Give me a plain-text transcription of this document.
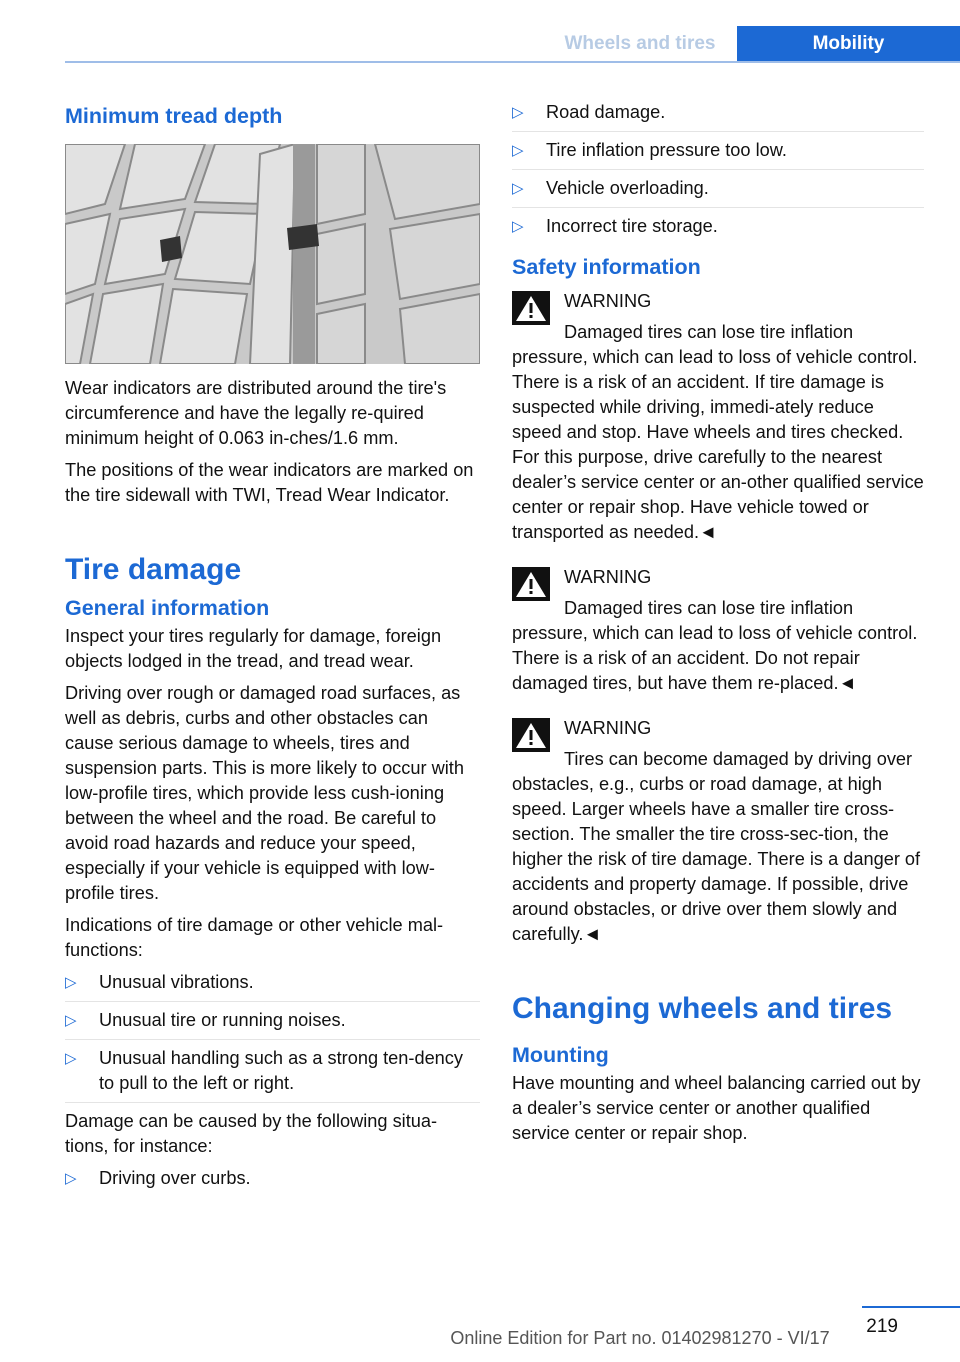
Wheels and tires	Mobility
Minimum tread depth

Wear indicators are distributed around the tire's circumference and have the legally re‐quired minimum height of 0.063 in‐ches/1.6 mm.

The positions of the wear indicators are marked on the tire sidewall with TWI, Tread Wear Indicator.

Tire damage
General information

Inspect your tires regularly for damage, foreign objects lodged in the tread, and tread wear.

Driving over rough or damaged road surfaces, as well as debris, curbs and other obstacles can cause serious damage to wheels, tires and suspension parts. This is more likely to occur with low-profile tires, which provide less cush‐ioning between the wheel and the road. Be careful to avoid road hazards and reduce your speed, especially if your vehicle is equipped with low-profile tires.

Indications of tire damage or other vehicle mal‐functions:

▷ Unusual vibrations.
▷ Unusual tire or running noises.
▷ Unusual handling such as a strong ten‐dency to pull to the left or right.

Damage can be caused by the following situa‐tions, for instance:

▷ Driving over curbs.
▷ Road damage.
▷ Tire inflation pressure too low.
▷ Vehicle overloading.
▷ Incorrect tire storage.
Safety information
WARNING
Damaged tires can lose tire inflation pressure, which can lead to loss of vehicle control. There is a risk of an accident. If tire damage is suspected while driving, immedi‐ately reduce speed and stop. Have wheels and tires checked. For this purpose, drive carefully to the nearest dealer’s service center or an‐other qualified service center or repair shop. Have vehicle towed or transported as needed.◄
WARNING
Damaged tires can lose tire inflation pressure, which can lead to loss of vehicle control. There is a risk of an accident. Do not repair damaged tires, but have them re‐placed.◄
WARNING
Tires can become damaged by driving over obstacles, e.g., curbs or road damage, at high speed. Larger wheels have a smaller tire cross-section. The smaller the tire cross-sec‐tion, the higher the risk of tire damage. There is a danger of accidents and property damage. If possible, drive around obstacles, or drive over them slowly and carefully.◄
Changing wheels and tires
Mounting

Have mounting and wheel balancing carried out by a dealer’s service center or another qualified service center or repair shop.

219
Online Edition for Part no. 01402981270 - VI/17
